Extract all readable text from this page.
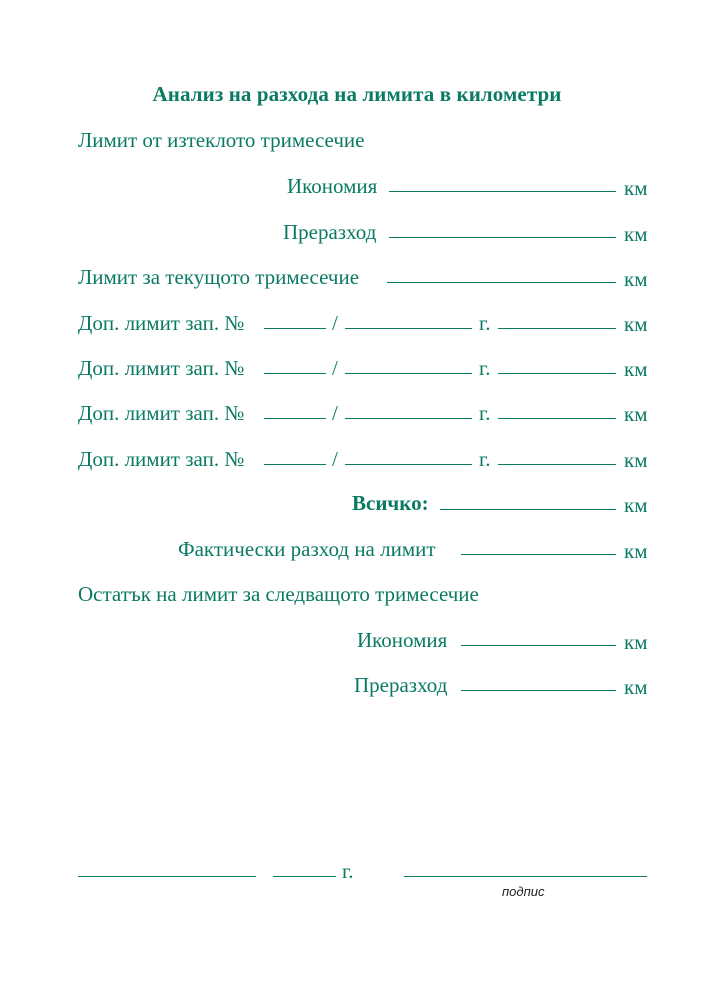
Анализ на разхода на лимита в километри
Лимит от изтеклото тримесечие
Икономия	км
Преразход	км
Лимит за текущото тримесечие	км
Доп. лимит зап. №	/	г.	км
Доп. лимит зап. №	/	г.	км
Доп. лимит зап. №	/	г.	км
Доп. лимит зап. №	/	г.	км
Всичко:	км
Фактически разход на лимит	км
Остатък на лимит за следващото тримесечие
Икономия	км
Преразход	км
г.
подпис
